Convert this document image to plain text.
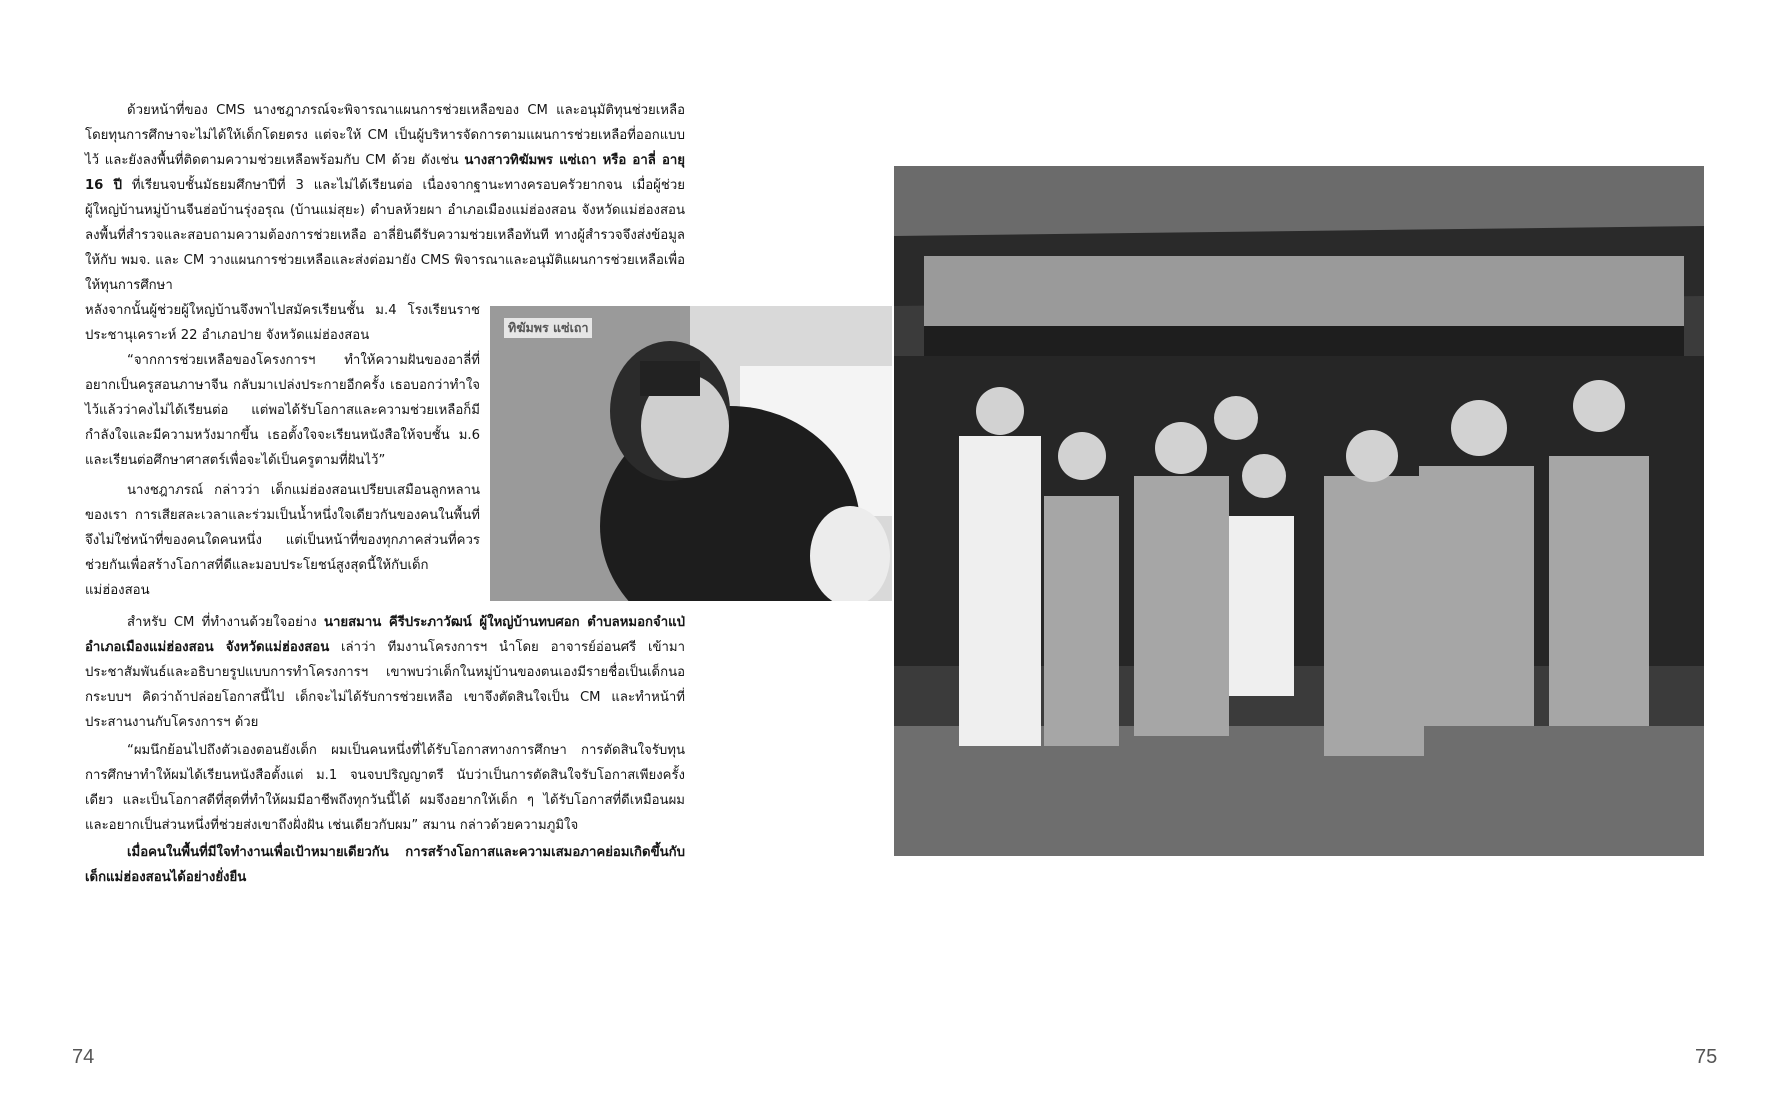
ด้วยหน้าที่ของ CMS นางชฎาภรณ์จะพิจารณาแผนการช่วยเหลือของ CM และอนุมัติทุนช่วยเหลือ โดยทุนการศึกษาจะไม่ได้ให้เด็กโดยตรง แต่จะให้ CM เป็นผู้บริหารจัดการตามแผนการช่วยเหลือที่ออกแบบไว้ และยังลงพื้นที่ติดตามความช่วยเหลือพร้อมกับ CM ด้วย ดังเช่น นางสาวทิฆัมพร แซ่เถา หรือ อาลี่ อายุ 16 ปี ที่เรียนจบชั้นมัธยมศึกษาปีที่ 3 และไม่ได้เรียนต่อ เนื่องจากฐานะทางครอบครัวยากจน เมื่อผู้ช่วยผู้ใหญ่บ้านหมู่บ้านจีนฮ่อบ้านรุ่งอรุณ (บ้านแม่สุยะ) ตำบลห้วยผา อำเภอเมืองแม่ฮ่องสอน จังหวัดแม่ฮ่องสอน ลงพื้นที่สำรวจและสอบถามความต้องการช่วยเหลือ อาลี่ยินดีรับความช่วยเหลือทันที ทางผู้สำรวจจึงส่งข้อมูลให้กับ พมจ. และ CM วางแผนการช่วยเหลือและส่งต่อมายัง CMS พิจารณาและอนุมัติแผนการช่วยเหลือเพื่อให้ทุนการศึกษา

หลังจากนั้นผู้ช่วยผู้ใหญ่บ้านจึงพาไปสมัครเรียนชั้น ม.4 โรงเรียนราชประชานุเคราะห์ 22 อำเภอปาย จังหวัดแม่ฮ่องสอน

“จากการช่วยเหลือของโครงการฯ ทำให้ความฝันของอาลี่ที่อยากเป็นครูสอนภาษาจีน กลับมาเปล่งประกายอีกครั้ง เธอบอกว่าทำใจไว้แล้วว่าคงไม่ได้เรียนต่อ แต่พอได้รับโอกาสและความช่วยเหลือก็มีกำลังใจและมีความหวังมากขึ้น เธอตั้งใจจะเรียนหนังสือให้จบชั้น ม.6 และเรียนต่อศึกษาศาสตร์เพื่อจะได้เป็นครูตามที่ฝันไว้”

นางชฎาภรณ์ กล่าวว่า เด็กแม่ฮ่องสอนเปรียบเสมือนลูกหลานของเรา การเสียสละเวลาและร่วมเป็นน้ำหนึ่งใจเดียวกันของคนในพื้นที่จึงไม่ใช่หน้าที่ของคนใดคนหนึ่ง แต่เป็นหน้าที่ของทุกภาคส่วนที่ควรช่วยกันเพื่อสร้างโอกาสที่ดีและมอบประโยชน์สูงสุดนี้ให้กับเด็กแม่ฮ่องสอน

สำหรับ CM ที่ทำงานด้วยใจอย่าง นายสมาน คีรีประภาวัฒน์ ผู้ใหญ่บ้านทบศอก ตำบลหมอกจำแป่ อำเภอเมืองแม่ฮ่องสอน จังหวัดแม่ฮ่องสอน เล่าว่า ทีมงานโครงการฯ นำโดย อาจารย์อ่อนศรี เข้ามาประชาสัมพันธ์และอธิบายรูปแบบการทำโครงการฯ เขาพบว่าเด็กในหมู่บ้านของตนเองมีรายชื่อเป็นเด็กนอกระบบฯ คิดว่าถ้าปล่อยโอกาสนี้ไป เด็กจะไม่ได้รับการช่วยเหลือ เขาจึงตัดสินใจเป็น CM และทำหน้าที่ประสานงานกับโครงการฯ ด้วย

“ผมนึกย้อนไปถึงตัวเองตอนยังเด็ก ผมเป็นคนหนึ่งที่ได้รับโอกาสทางการศึกษา การตัดสินใจรับทุนการศึกษาทำให้ผมได้เรียนหนังสือตั้งแต่ ม.1 จนจบปริญญาตรี นับว่าเป็นการตัดสินใจรับโอกาสเพียงครั้งเดียว และเป็นโอกาสดีที่สุดที่ทำให้ผมมีอาชีพถึงทุกวันนี้ได้ ผมจึงอยากให้เด็ก ๆ ได้รับโอกาสที่ดีเหมือนผม และอยากเป็นส่วนหนึ่งที่ช่วยส่งเขาถึงฝั่งฝัน เช่นเดียวกับผม” สมาน กล่าวด้วยความภูมิใจ

เมื่อคนในพื้นที่มีใจทำงานเพื่อเป้าหมายเดียวกัน การสร้างโอกาสและความเสมอภาคย่อมเกิดขึ้นกับเด็กแม่ฮ่องสอนได้อย่างยั่งยืน

ทิฆัมพร แซ่เถา
74	75
